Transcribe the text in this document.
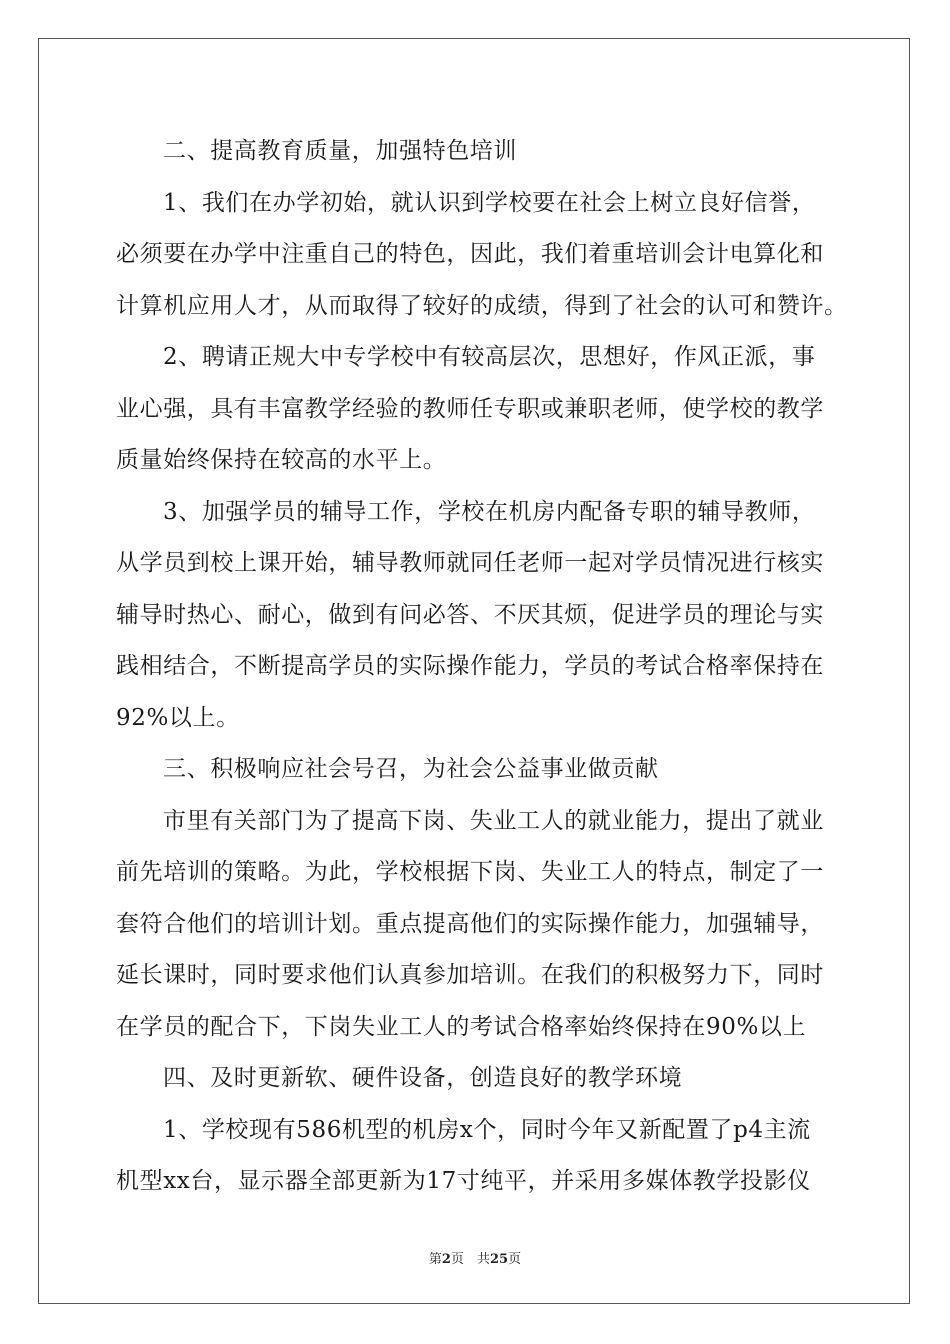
二、提高教育质量，加强特色培训
1、我们在办学初始，就认识到学校要在社会上树立良好信誉，
必须要在办学中注重自己的特色，因此，我们着重培训会计电算化和
计算机应用人才，从而取得了较好的成绩，得到了社会的认可和赞许。
2、聘请正规大中专学校中有较高层次，思想好，作风正派，事
业心强，具有丰富教学经验的教师任专职或兼职老师，使学校的教学
质量始终保持在较高的水平上。
3、加强学员的辅导工作，学校在机房内配备专职的辅导教师，
从学员到校上课开始，辅导教师就同任老师一起对学员情况进行核实
辅导时热心、耐心，做到有问必答、不厌其烦，促进学员的理论与实
践相结合，不断提高学员的实际操作能力，学员的考试合格率保持在
92%以上。
三、积极响应社会号召，为社会公益事业做贡献
市里有关部门为了提高下岗、失业工人的就业能力，提出了就业
前先培训的策略。为此，学校根据下岗、失业工人的特点，制定了一
套符合他们的培训计划。重点提高他们的实际操作能力，加强辅导，
延长课时，同时要求他们认真参加培训。在我们的积极努力下，同时
在学员的配合下，下岗失业工人的考试合格率始终保持在90%以上
四、及时更新软、硬件设备，创造良好的教学环境
1、学校现有586机型的机房x个，同时今年又新配置了p4主流
机型xx台，显示器全部更新为17寸纯平，并采用多媒体教学投影仪
第2页　共25页
